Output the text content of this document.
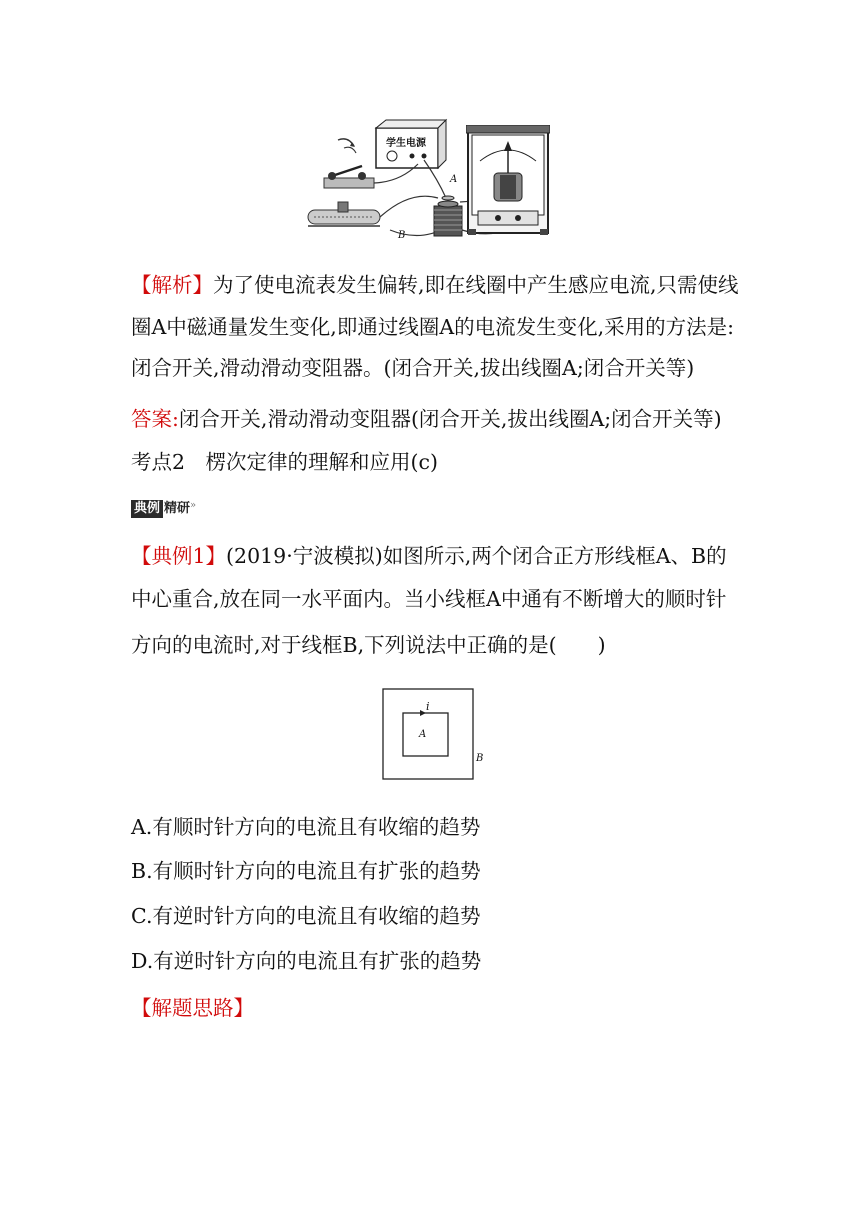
学生电源
A
B
【解析】为了使电流表发生偏转,即在线圈中产生感应电流,只需使线
圈A中磁通量发生变化,即通过线圈A的电流发生变化,采用的方法是:
闭合开关,滑动滑动变阻器。(闭合开关,拔出线圈A;闭合开关等)
答案:闭合开关,滑动滑动变阻器(闭合开关,拔出线圈A;闭合开关等)
考点2　楞次定律的理解和应用(c)
典例 精研»
【典例1】(2019·宁波模拟)如图所示,两个闭合正方形线框A、B的
中心重合,放在同一水平面内。当小线框A中通有不断增大的顺时针
方向的电流时,对于线框B,下列说法中正确的是(　　)
i
A
B
A.有顺时针方向的电流且有收缩的趋势
B.有顺时针方向的电流且有扩张的趋势
C.有逆时针方向的电流且有收缩的趋势
D.有逆时针方向的电流且有扩张的趋势
【解题思路】
